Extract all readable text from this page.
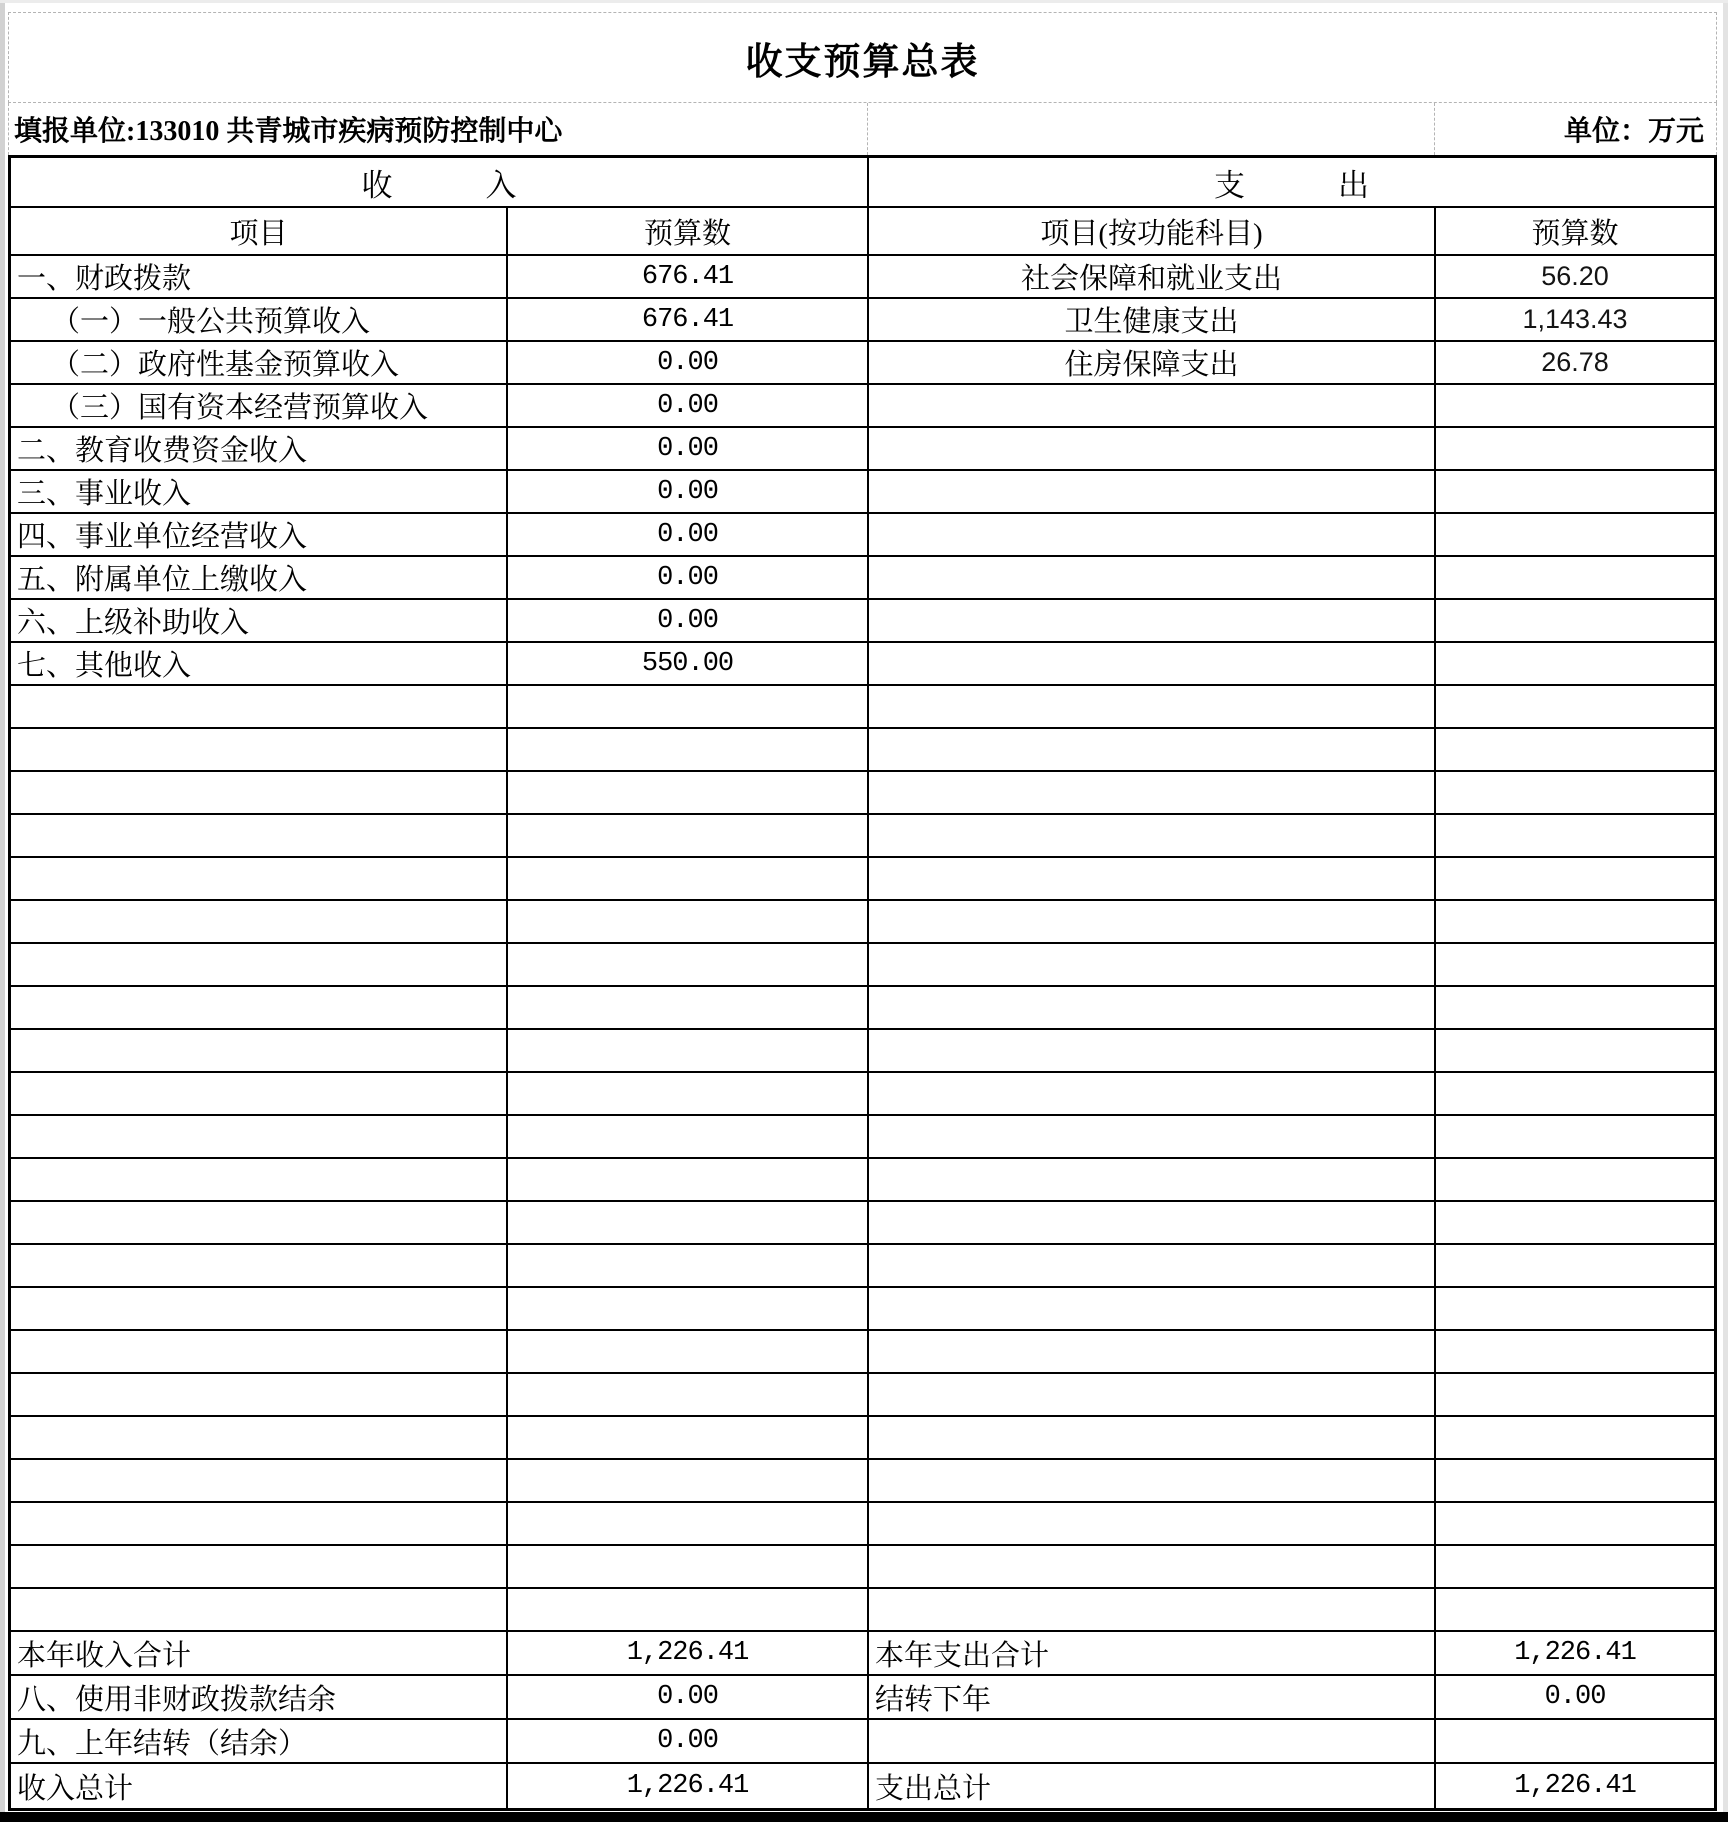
收支预算总表
填报单位:133010 共青城市疾病预防控制中心	单位：万元
收　　　入	支　　　出
项目	预算数	项目(按功能科目)	预算数
一、财政拨款	676.41	社会保障和就业支出	56.20
（一）一般公共预算收入	676.41	卫生健康支出	1,143.43
（二）政府性基金预算收入	0.00	住房保障支出	26.78
（三）国有资本经营预算收入	0.00
二、教育收费资金收入	0.00
三、事业收入	0.00
四、事业单位经营收入	0.00
五、附属单位上缴收入	0.00
六、上级补助收入	0.00
七、其他收入	550.00
本年收入合计	1,226.41	本年支出合计	1,226.41
八、使用非财政拨款结余	0.00	结转下年	0.00
九、上年结转（结余）	0.00
收入总计	1,226.41	支出总计	1,226.41
